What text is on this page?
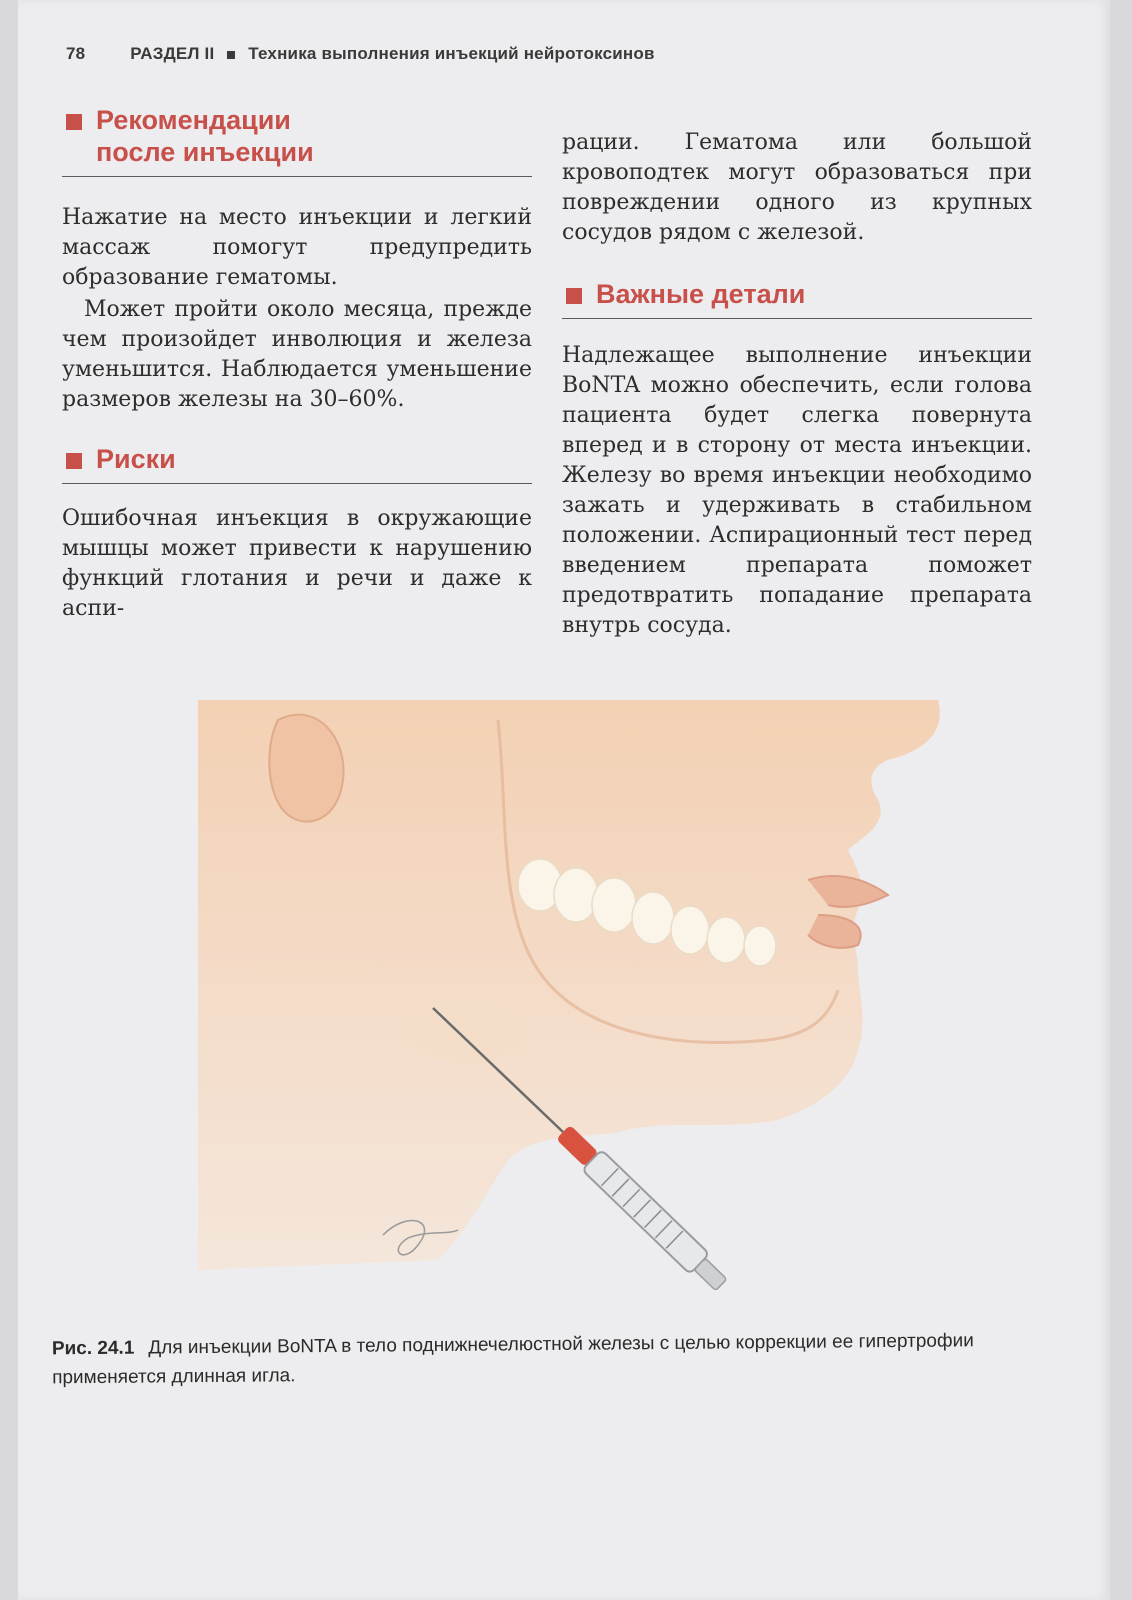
78	РАЗДЕЛ II Техника выполнения инъекций нейротоксинов
Рекомендации
после инъекции

Нажатие на место инъекции и легкий массаж помогут предупредить образование гематомы.

Может пройти около месяца, прежде чем произойдет инволюция и железа уменьшится. Наблюдается уменьшение размеров железы на 30–60%.

Риски

Ошибочная инъекция в окружающие мышцы может привести к нарушению функций глотания и речи и даже к аспи-

рации. Гематома или большой кровоподтек могут образоваться при повреждении одного из крупных сосудов рядом с железой.

Важные детали

Надлежащее выполнение инъекции BoNTA можно обеспечить, если голова пациента будет слегка повернута вперед и в сторону от места инъекции. Железу во время инъекции необходимо зажать и удерживать в стабильном положении. Аспирационный тест перед введением препарата поможет предотвратить попадание препарата внутрь сосуда.

Рис. 24.1 Для инъекции BoNTA в тело поднижнечелюстной железы с целью коррекции ее гипертрофии применяется длинная игла.
